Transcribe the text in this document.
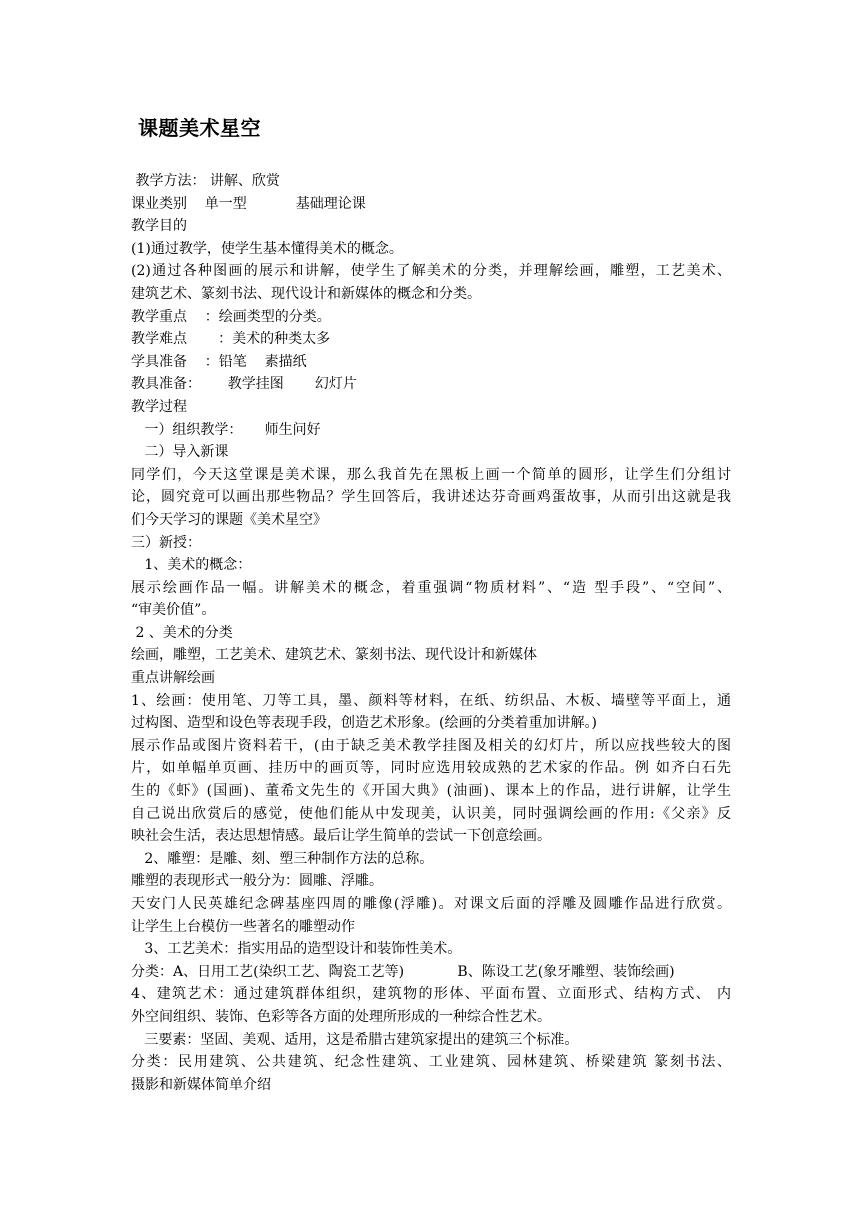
课题美术星空
教学方法： 讲解、欣赏
课业类别    单一型           基础理论课
教学目的
(1)通过教学，使学生基本懂得美术的概念。
(2)通过各种图画的展示和讲解，使学生了解美术的分类，并理解绘画，雕塑，工艺美术、
建筑艺术、篆刻书法、现代设计和新媒体的概念和分类。
教学重点    ：绘画类型的分类。
教学难点       ：美术的种类太多
学具准备    ：铅笔    素描纸
教具准备：      教学挂图       幻灯片
教学过程
一）组织教学：     师生问好
二）导入新课
同学们，今天这堂课是美术课，那么我首先在黑板上画一个简单的圆形，让学生们分组讨
论，圆究竟可以画出那些物品？学生回答后，我讲述达芬奇画鸡蛋故事，从而引出这就是我
们今天学习的课题《美术星空》
三）新授：
1、美术的概念：
展示绘画作品一幅。讲解美术的概念，着重强调“物质材料”、“造 型手段”、“空间”、
“审美价值”。
2 、美术的分类
绘画，雕塑，工艺美术、建筑艺术、篆刻书法、现代设计和新媒体
重点讲解绘画
1、绘画：使用笔、刀等工具，墨、颜料等材料，在纸、纺织品、木板、墙壁等平面上，通
过构图、造型和设色等表现手段，创造艺术形象。(绘画的分类着重加讲解。)
展示作品或图片资料若干，(由于缺乏美术教学挂图及相关的幻灯片，所以应找些较大的图
片，如单幅单页画、挂历中的画页等，同时应选用较成熟的艺术家的作品。例 如齐白石先
生的《虾》(国画)、董希文先生的《开国大典》(油画)、课本上的作品，进行讲解，让学生
自己说出欣赏后的感觉，使他们能从中发现美，认识美，同时强调绘画的作用:《父亲》反
映社会生活，表达思想情感。最后让学生简单的尝试一下创意绘画。
2、雕塑：是雕、刻、塑三种制作方法的总称。
雕塑的表现形式一般分为：圆雕、浮雕。
天安门人民英雄纪念碑基座四周的雕像(浮雕)。对课文后面的浮雕及圆雕作品进行欣赏。
让学生上台模仿一些著名的雕塑动作
3、工艺美术：指实用品的造型设计和装饰性美术。
分类：A、日用工艺(染织工艺、陶瓷工艺等)            B、陈设工艺(象牙雕塑、装饰绘画)
4、建筑艺术：通过建筑群体组织，建筑物的形体、平面布置、立面形式、结构方式、 内
外空间组织、装饰、色彩等各方面的处理所形成的一种综合性艺术。
三要素：坚固、美观、适用，这是希腊古建筑家提出的建筑三个标准。
分类：民用建筑、公共建筑、纪念性建筑、工业建筑、园林建筑、桥梁建筑 篆刻书法、
摄影和新媒体简单介绍
